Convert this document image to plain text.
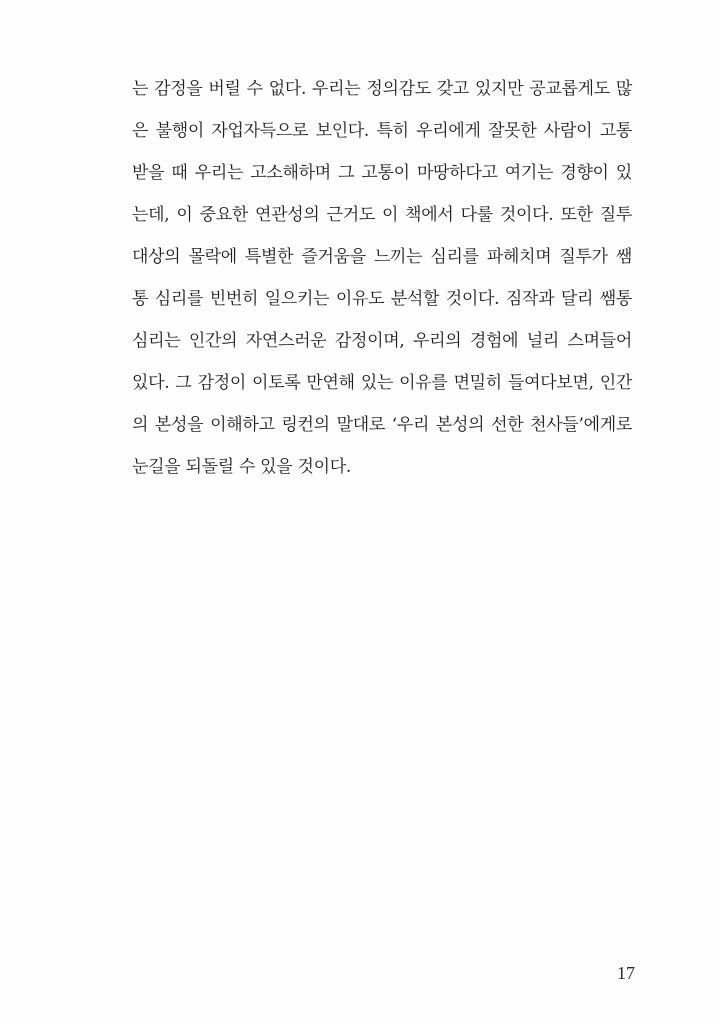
는 감정을 버릴 수 없다. 우리는 정의감도 갖고 있지만 공교롭게도 많
은 불행이 자업자득으로 보인다. 특히 우리에게 잘못한 사람이 고통
받을 때 우리는 고소해하며 그 고통이 마땅하다고 여기는 경향이 있
는데, 이 중요한 연관성의 근거도 이 책에서 다룰 것이다. 또한 질투
대상의 몰락에 특별한 즐거움을 느끼는 심리를 파헤치며 질투가 쌤
통 심리를 빈번히 일으키는 이유도 분석할 것이다. 짐작과 달리 쌤통
심리는 인간의 자연스러운 감정이며, 우리의 경험에 널리 스며들어
있다. 그 감정이 이토록 만연해 있는 이유를 면밀히 들여다보면, 인간
의 본성을 이해하고 링컨의 말대로 ‘우리 본성의 선한 천사들’에게로
눈길을 되돌릴 수 있을 것이다.
17
